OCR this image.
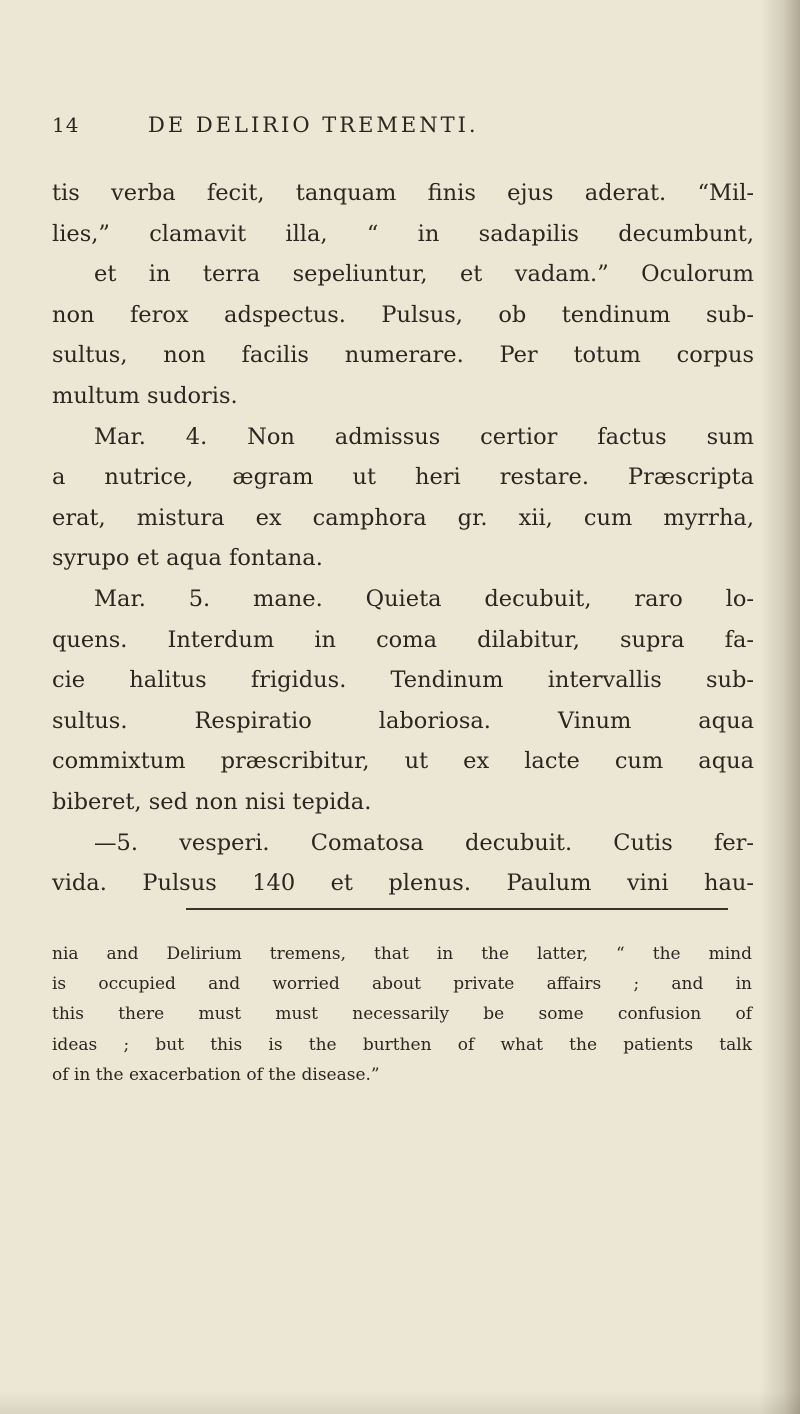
14	DE DELIRIO TREMENTI.
tis verba fecit, tanquam finis ejus aderat. “Mil-
lies,” clamavit illa, “ in sadapilis decumbunt,
et in terra sepeliuntur, et vadam.” Oculorum
non ferox adspectus. Pulsus, ob tendinum sub-
sultus, non facilis numerare. Per totum corpus
multum sudoris.
Mar. 4. Non admissus certior factus sum
a nutrice, ægram ut heri restare. Præscripta
erat, mistura ex camphora gr. xii, cum myrrha,
syrupo et aqua fontana.
Mar. 5. mane. Quieta decubuit, raro lo-
quens. Interdum in coma dilabitur, supra fa-
cie halitus frigidus. Tendinum intervallis sub-
sultus. Respiratio laboriosa. Vinum aqua
commixtum præscribitur, ut ex lacte cum aqua
biberet, sed non nisi tepida.
—5. vesperi. Comatosa decubuit. Cutis fer-
vida. Pulsus 140 et plenus. Paulum vini hau-
nia and Delirium tremens, that in the latter, “ the mind
is occupied and worried about private affairs ; and in
this there must must necessarily be some confusion of
ideas ; but this is the burthen of what the patients talk
of in the exacerbation of the disease.”
